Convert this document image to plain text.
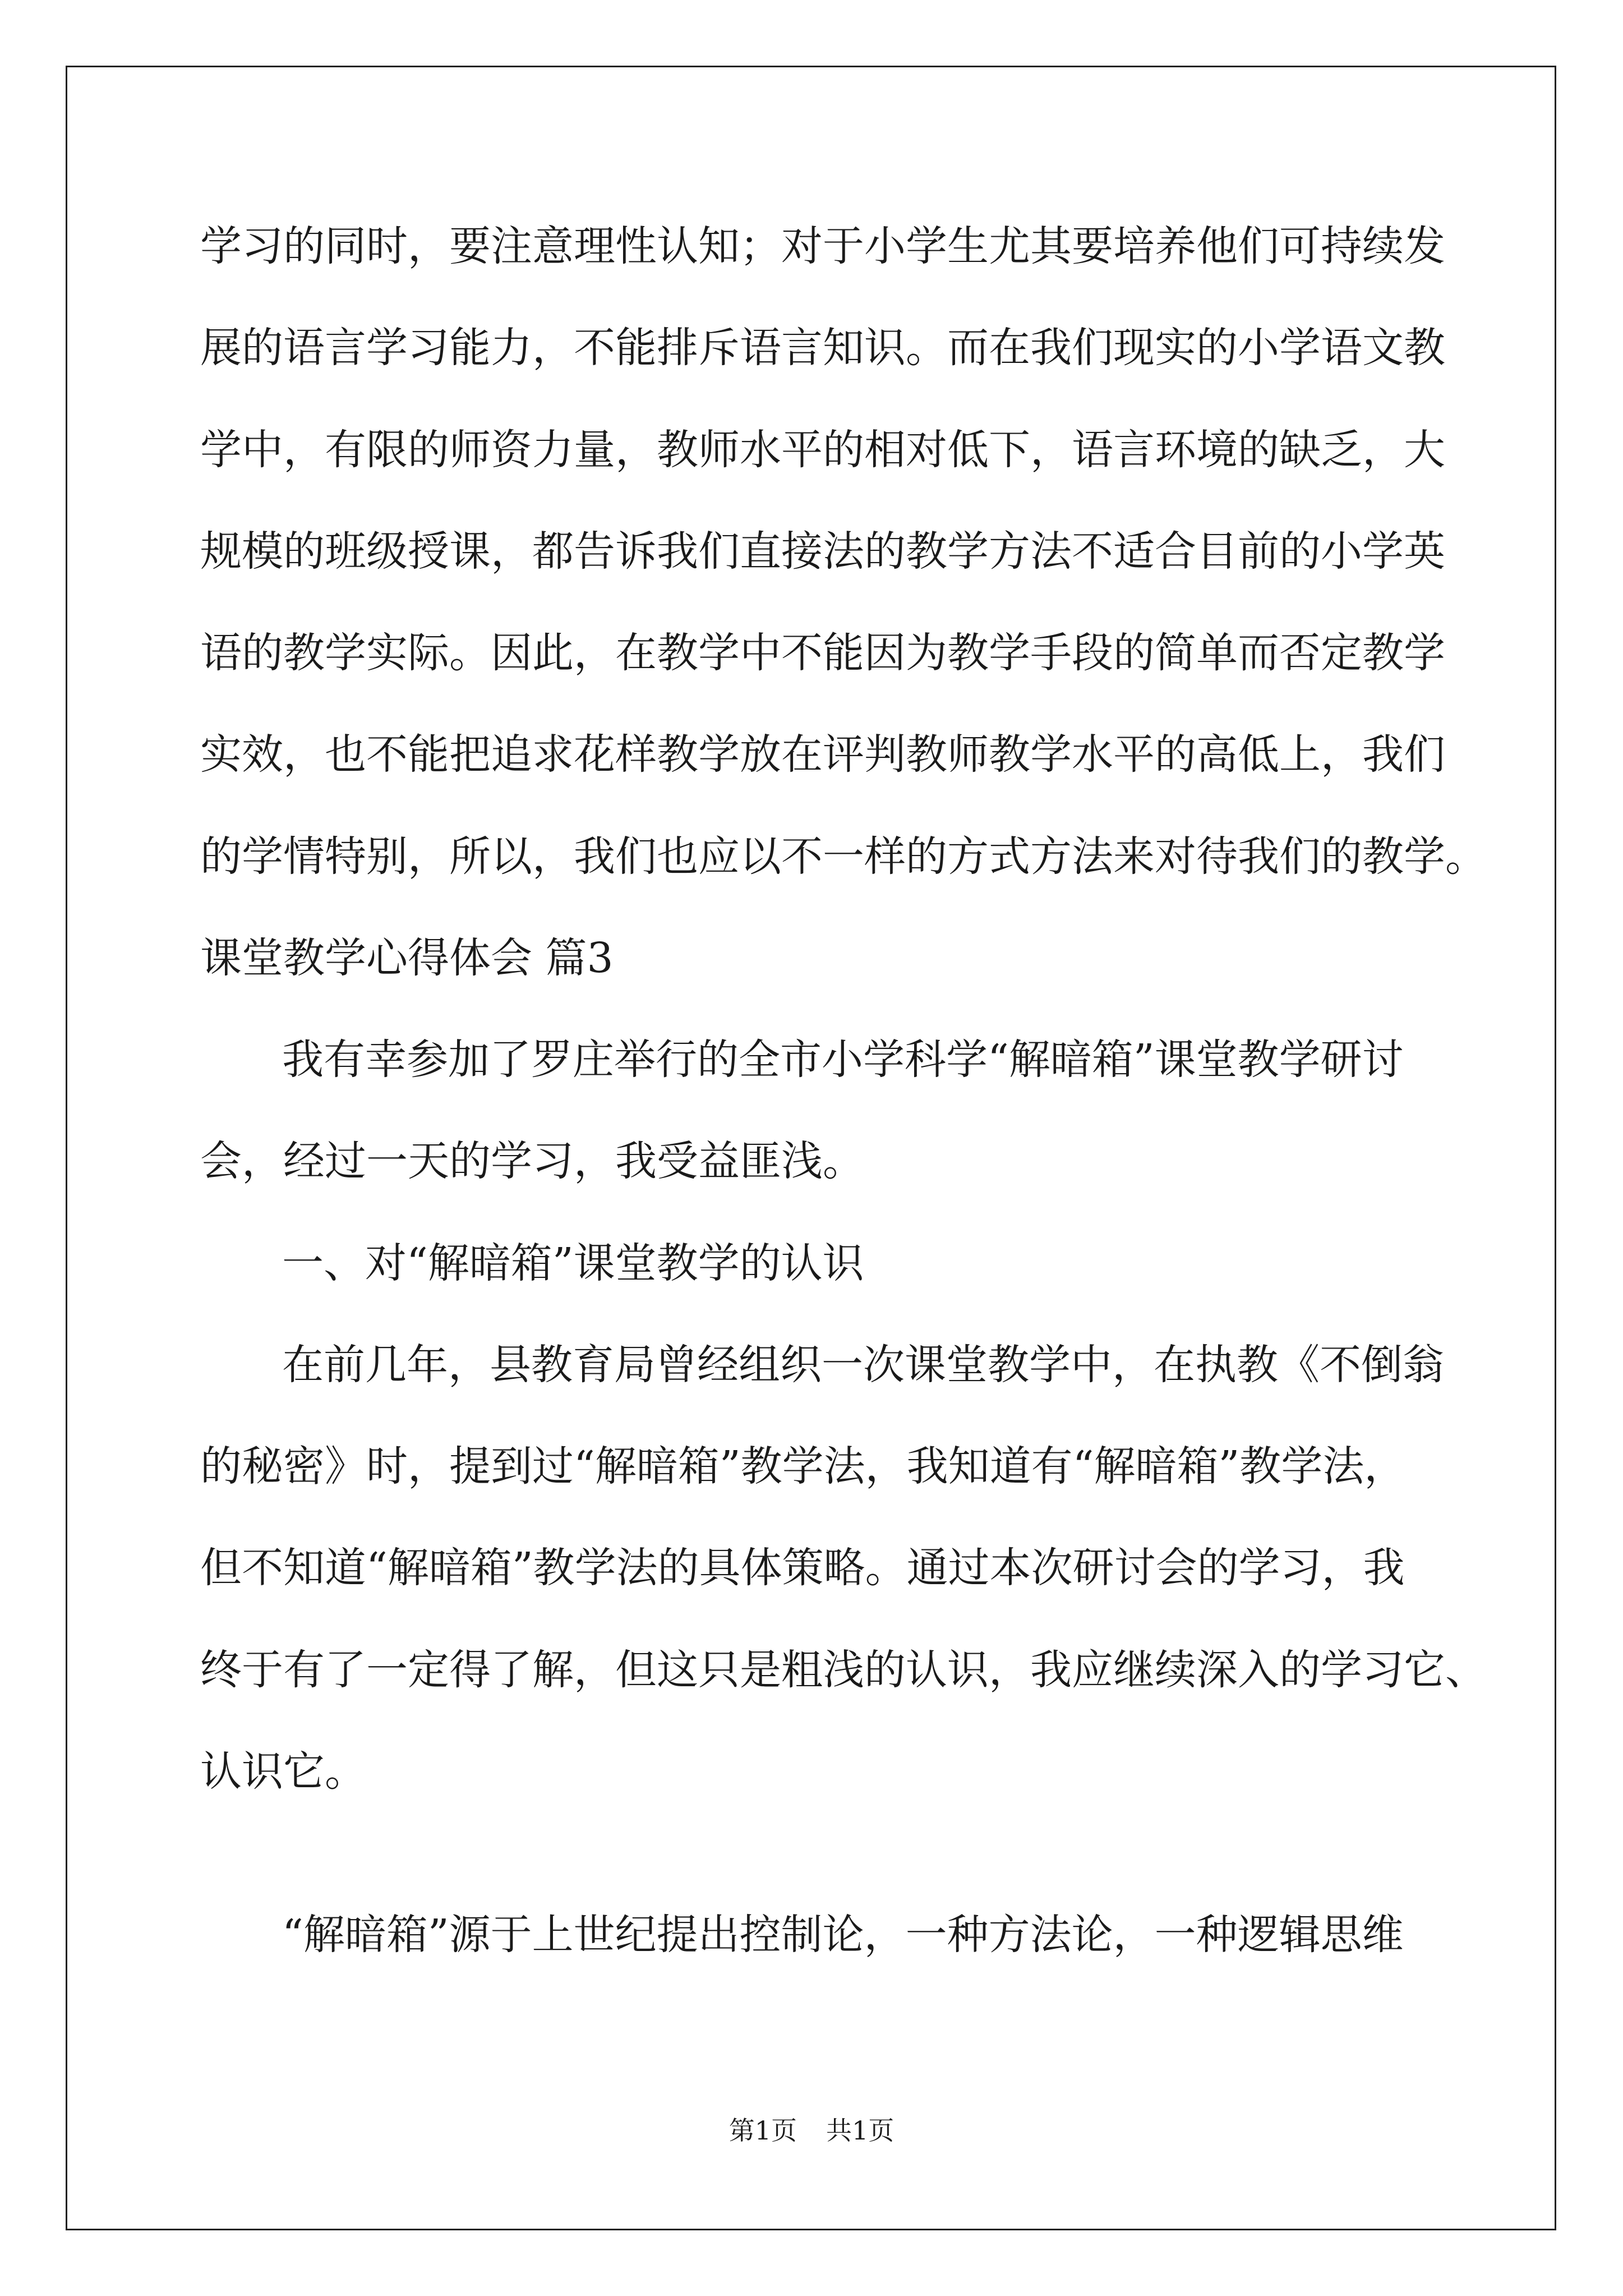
学习的同时，要注意理性认知；对于小学生尤其要培养他们可持续发
展的语言学习能力，不能排斥语言知识。而在我们现实的小学语文教
学中，有限的师资力量，教师水平的相对低下，语言环境的缺乏，大
规模的班级授课，都告诉我们直接法的教学方法不适合目前的小学英
语的教学实际。因此，在教学中不能因为教学手段的简单而否定教学
实效，也不能把追求花样教学放在评判教师教学水平的高低上，我们
的学情特别，所以，我们也应以不一样的方式方法来对待我们的教学。
课堂教学心得体会 篇3
我有幸参加了罗庄举行的全市小学科学“解暗箱”课堂教学研讨
会，经过一天的学习，我受益匪浅。
一、对“解暗箱”课堂教学的认识
在前几年，县教育局曾经组织一次课堂教学中，在执教《不倒翁
的秘密》时，提到过“解暗箱”教学法，我知道有“解暗箱”教学法，
但不知道“解暗箱”教学法的具体策略。通过本次研讨会的学习，我
终于有了一定得了解，但这只是粗浅的认识，我应继续深入的学习它、
认识它。
“解暗箱”源于上世纪提出控制论，一种方法论，一种逻辑思维
第1页 共1页
